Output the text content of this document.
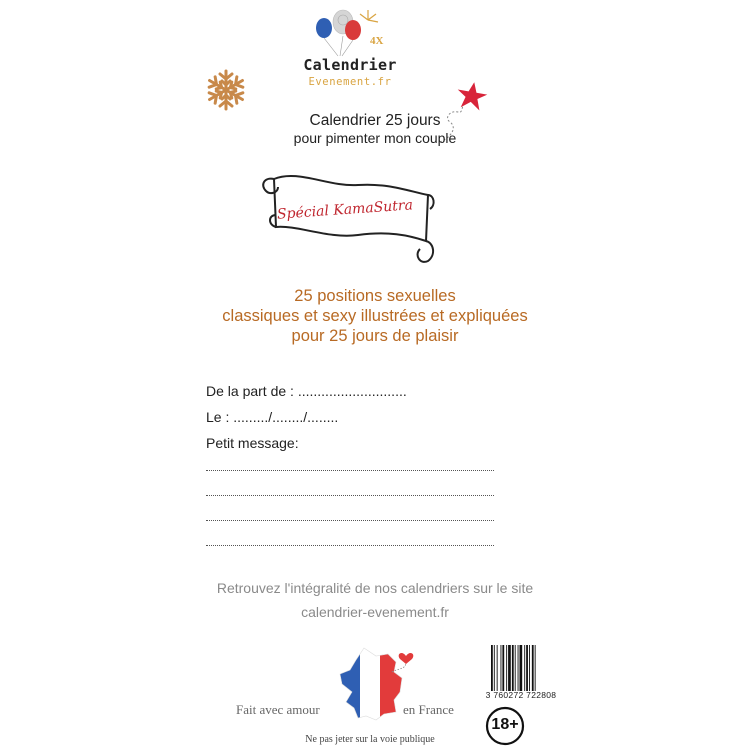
4X
Calendrier
Evenement.fr
Calendrier 25 jours
pour pimenter mon couple
Spécial KamaSutra
25 positions sexuelles
classiques et sexy illustrées et expliquées
pour 25 jours de plaisir
De la part de : ............................
Le : ........./......../........
Petit message:
Retrouvez l'intégralité de nos calendriers sur le site
calendrier-evenement.fr
Fait avec amour	en France
Ne pas jeter sur la voie publique
3 760272 722808
18+
